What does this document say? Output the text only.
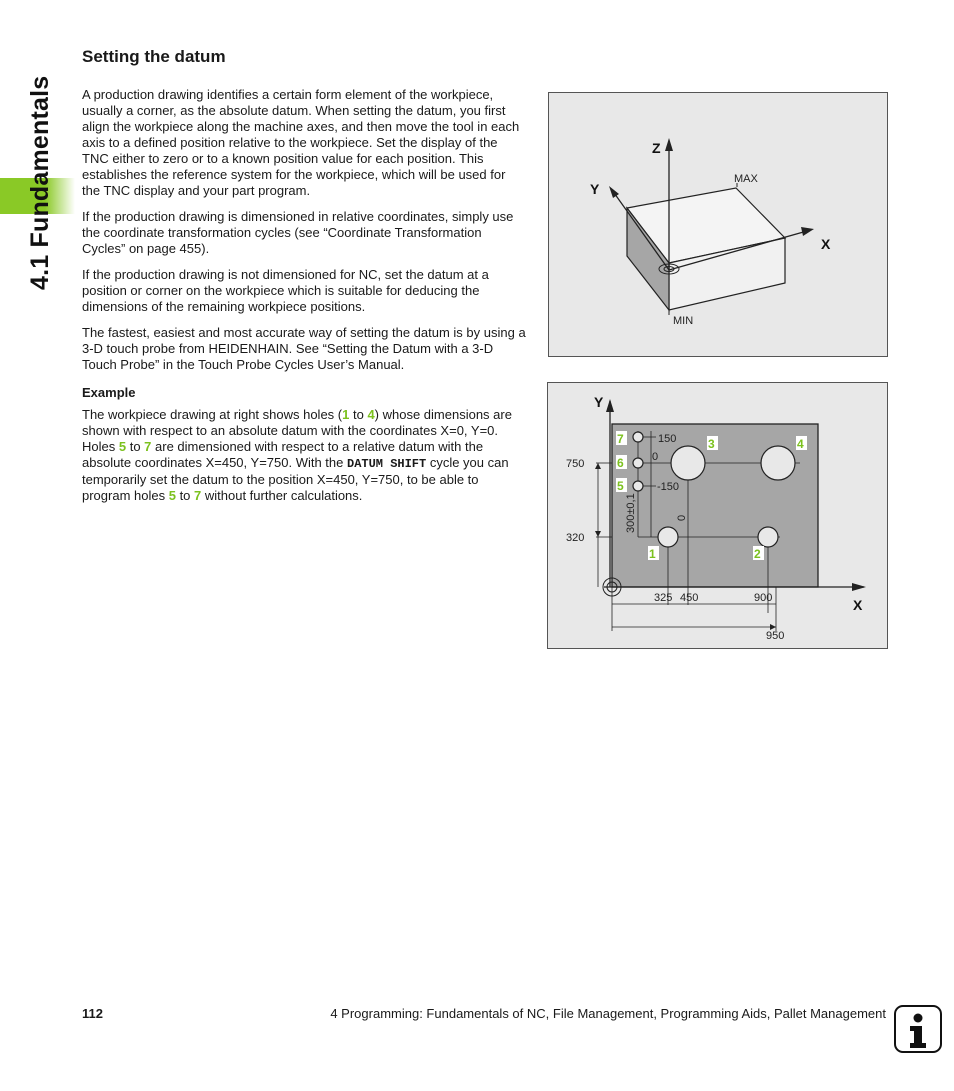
4.1 Fundamentals
Setting the datum

A production drawing identifies a certain form element of the workpiece, usually a corner, as the absolute datum. When setting the datum, you first align the workpiece along the machine axes, and then move the tool in each axis to a defined position relative to the workpiece. Set the display of the TNC either to zero or to a known position value for each position. This establishes the reference system for the workpiece, which will be used for the TNC display and your part program.

If the production drawing is dimensioned in relative coordinates, simply use the coordinate transformation cycles (see “Coordinate Transformation Cycles” on page 455).

If the production drawing is not dimensioned for NC, set the datum at a position or corner on the workpiece which is suitable for deducing the dimensions of the remaining workpiece positions.

The fastest, easiest and most accurate way of setting the datum is by using a 3-D touch probe from HEIDENHAIN. See “Setting the Datum with a 3-D Touch Probe” in the Touch Probe Cycles User’s Manual.

Example

The workpiece drawing at right shows holes (1 to 4) whose dimensions are shown with respect to an absolute datum with the coordinates X=0, Y=0. Holes 5 to 7 are dimensioned with respect to a relative datum with the absolute coordinates X=450, Y=750. With the DATUM SHIFT cycle you can temporarily set the datum to the position X=450, Y=750, to be able to program holes 5 to 7 without further calculations.

Z
Y
X
MAX
MIN
7
6
5
3	4
1	2
750
320
150
0
-150
325 450	900
950
300±0,1	0
Y
X
112	4 Programming: Fundamentals of NC, File Management, Programming Aids, Pallet Management
